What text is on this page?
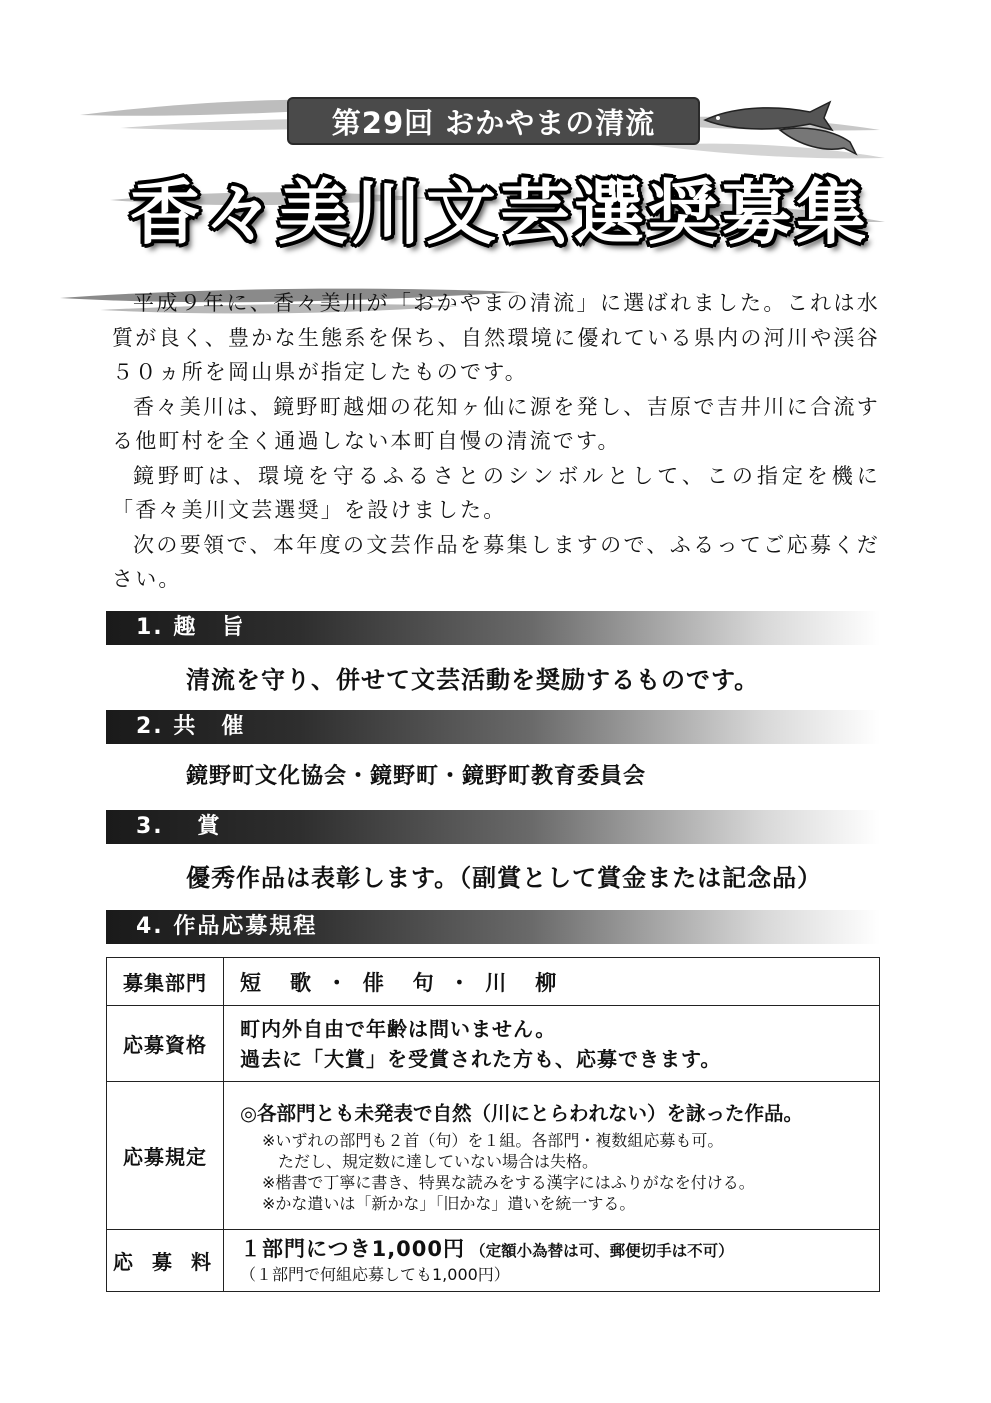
第29回 おかやまの清流
香々美川文芸選奨募集

平成９年に、香々美川が「おかやまの清流」に選ばれました。これは水質が良く、豊かな生態系を保ち、自然環境に優れている県内の河川や渓谷５０ヵ所を岡山県が指定したものです。

香々美川は、鏡野町越畑の花知ヶ仙に源を発し、吉原で吉井川に合流する他町村を全く通過しない本町自慢の清流です。

鏡野町は、環境を守るふるさとのシンボルとして、この指定を機に「香々美川文芸選奨」を設けました。

次の要領で、本年度の文芸作品を募集しますので、ふるってご応募ください。

1. 趣　旨
清流を守り、併せて文芸活動を奨励するものです。
2. 共　催
鏡野町文化協会・鏡野町・鏡野町教育委員会
3.　 賞
優秀作品は表彰します。（副賞として賞金または記念品）
4. 作品応募規程
募集部門	短　歌 ・ 俳　句 ・ 川　柳
応募資格	町内外自由で年齢は問いません。
過去に「大賞」を受賞された方も、応募できます。

応募規定	◎各部門とも未発表で自然（川にとらわれない）を詠った作品。
※いずれの部門も２首（句）を１組。各部門・複数組応募も可。
　ただし、規定数に達していない場合は失格。
※楷書で丁寧に書き、特異な読みをする漢字にはふりがなを付ける。
※かな遣いは「新かな」「旧かな」遣いを統一する。

応 募 料	１部門につき1,000円 （定額小為替は可、郵便切手は不可）
（１部門で何組応募しても1,000円）
